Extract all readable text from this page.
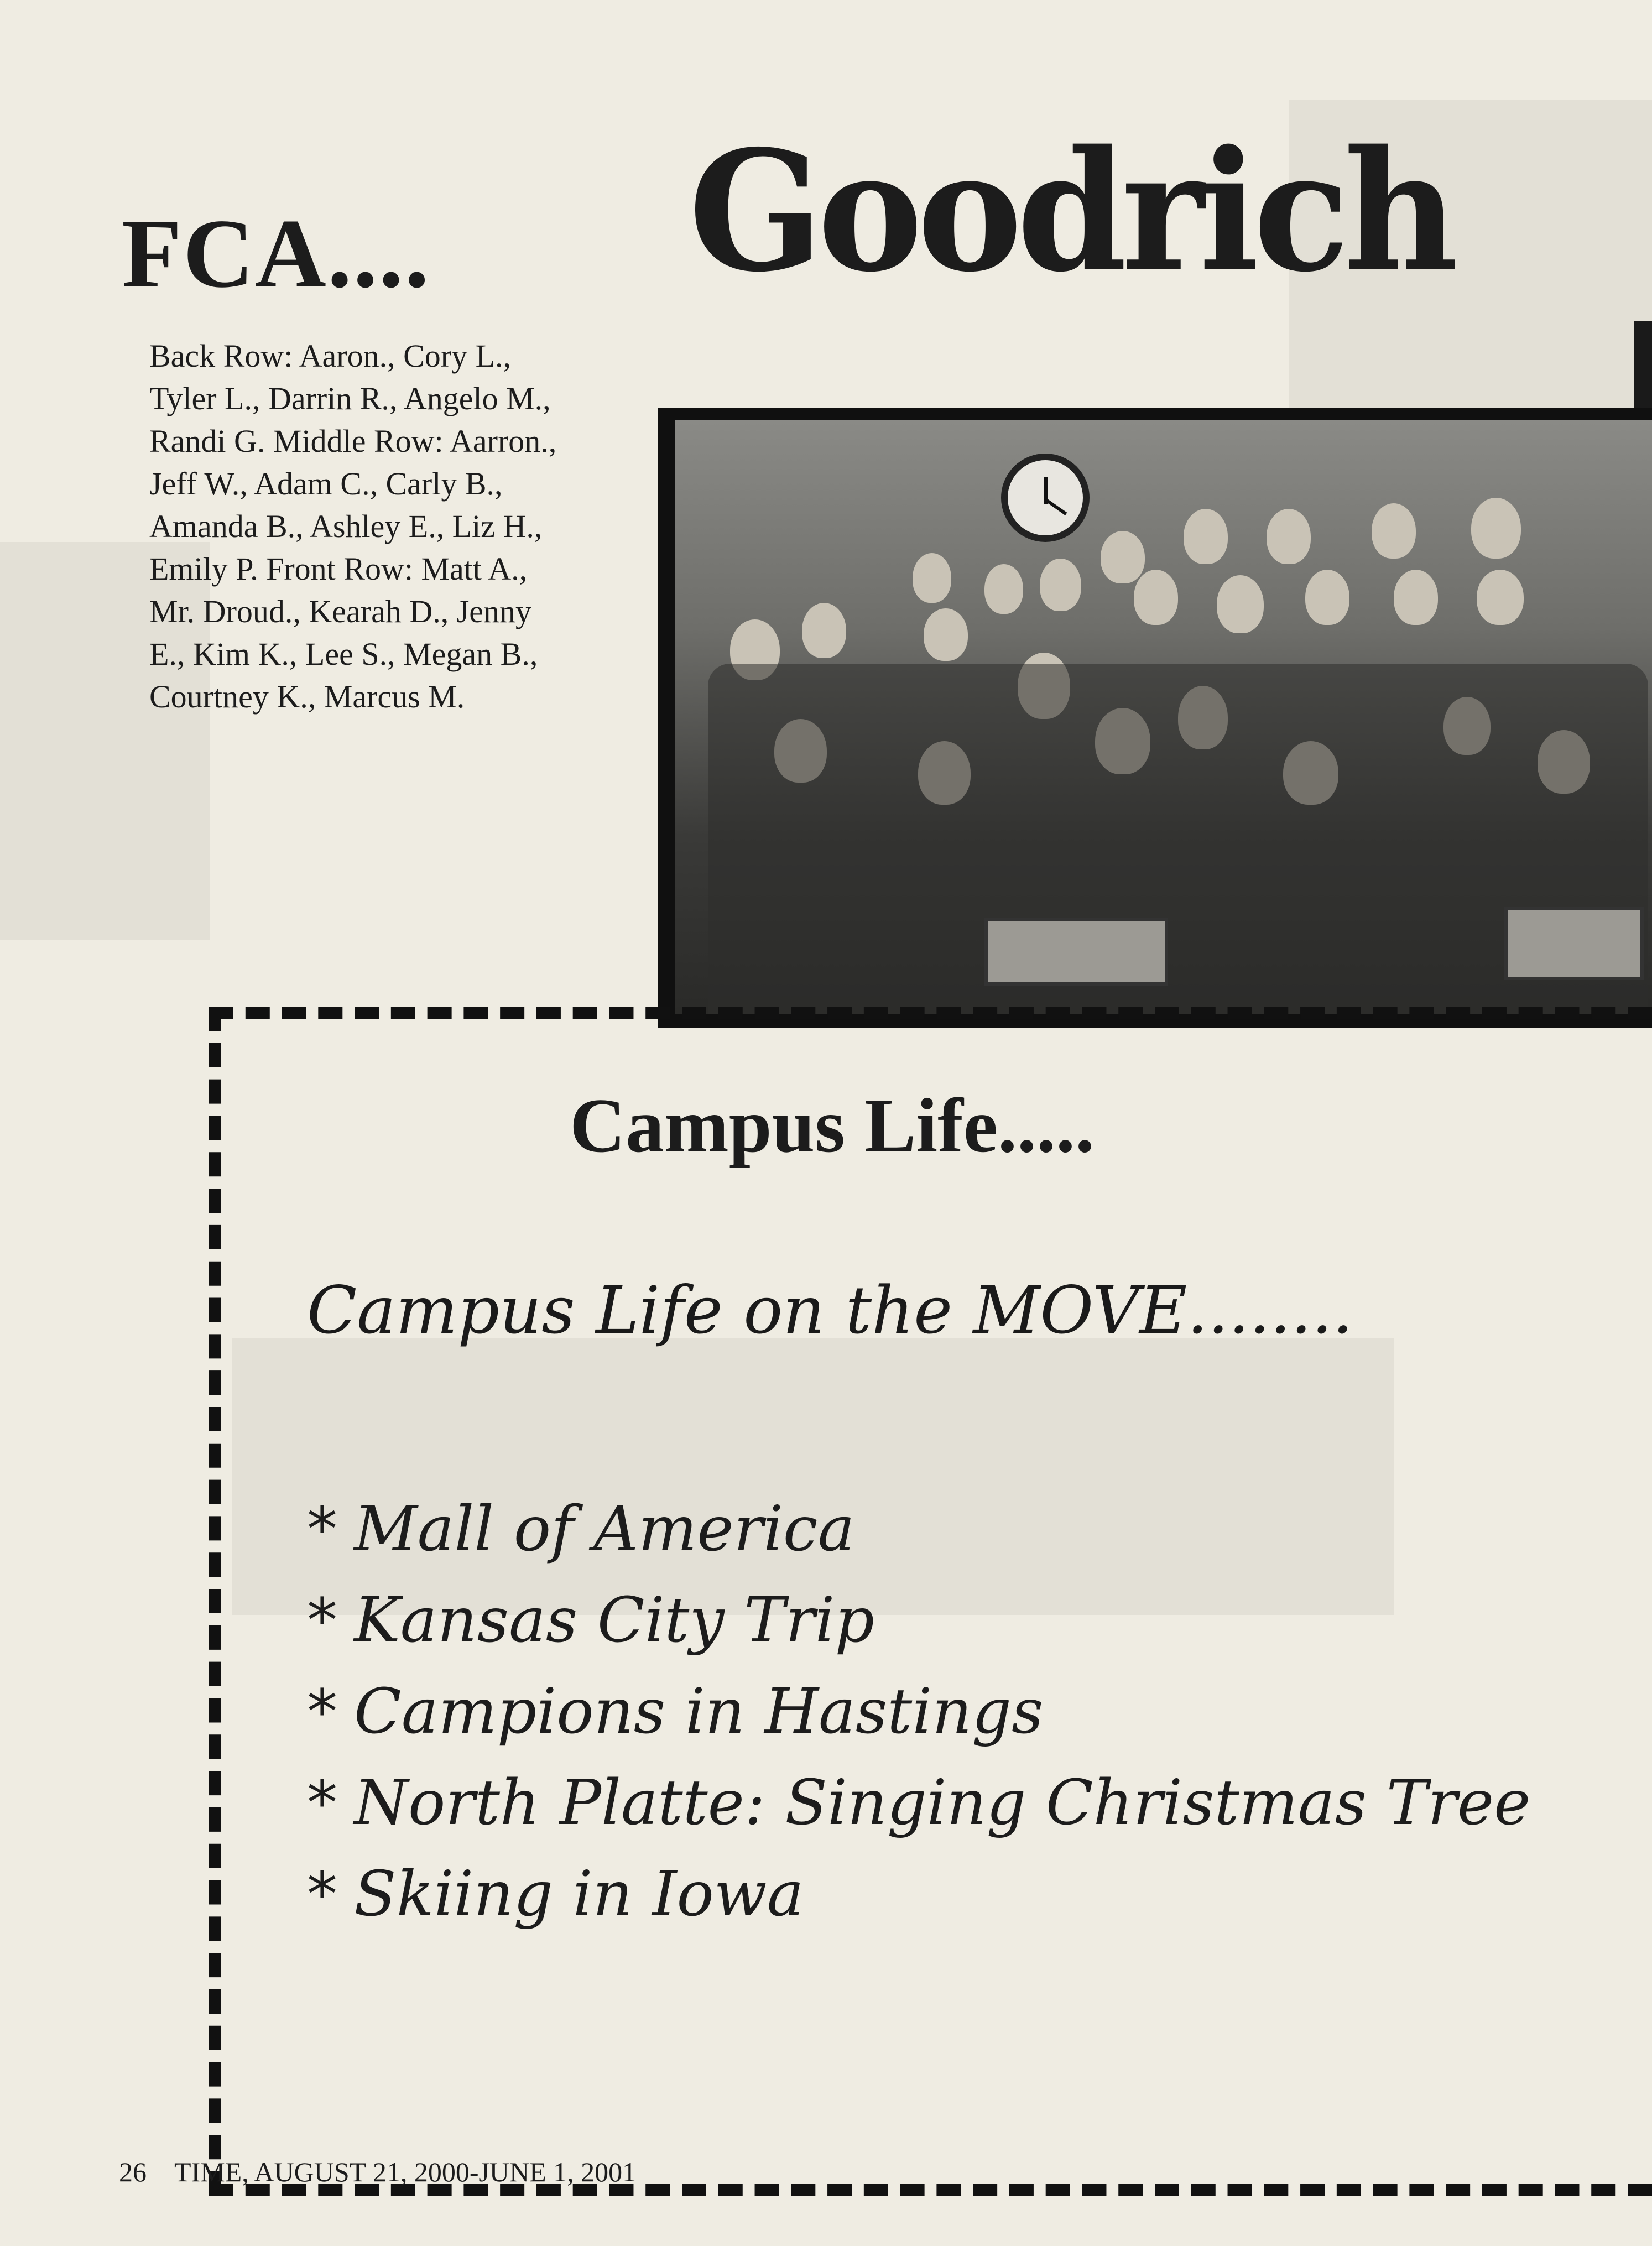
FCA.... Goodrich
Back Row: Aaron., Cory L.,
Tyler L., Darrin R., Angelo M.,
Randi G. Middle Row: Aarron.,
Jeff W., Adam C., Carly B.,
Amanda B., Ashley E., Liz H.,
Emily P. Front Row: Matt A.,
Mr. Droud., Kearah D., Jenny
E., Kim K., Lee S., Megan B.,
Courtney K., Marcus M.
Campus Life.....
Campus Life on the MOVE........
* Mall of America
* Kansas City Trip
* Campions in Hastings
* North Platte: Singing Christmas Tree
* Skiing in Iowa
26 TIME, AUGUST 21, 2000-JUNE 1, 2001
